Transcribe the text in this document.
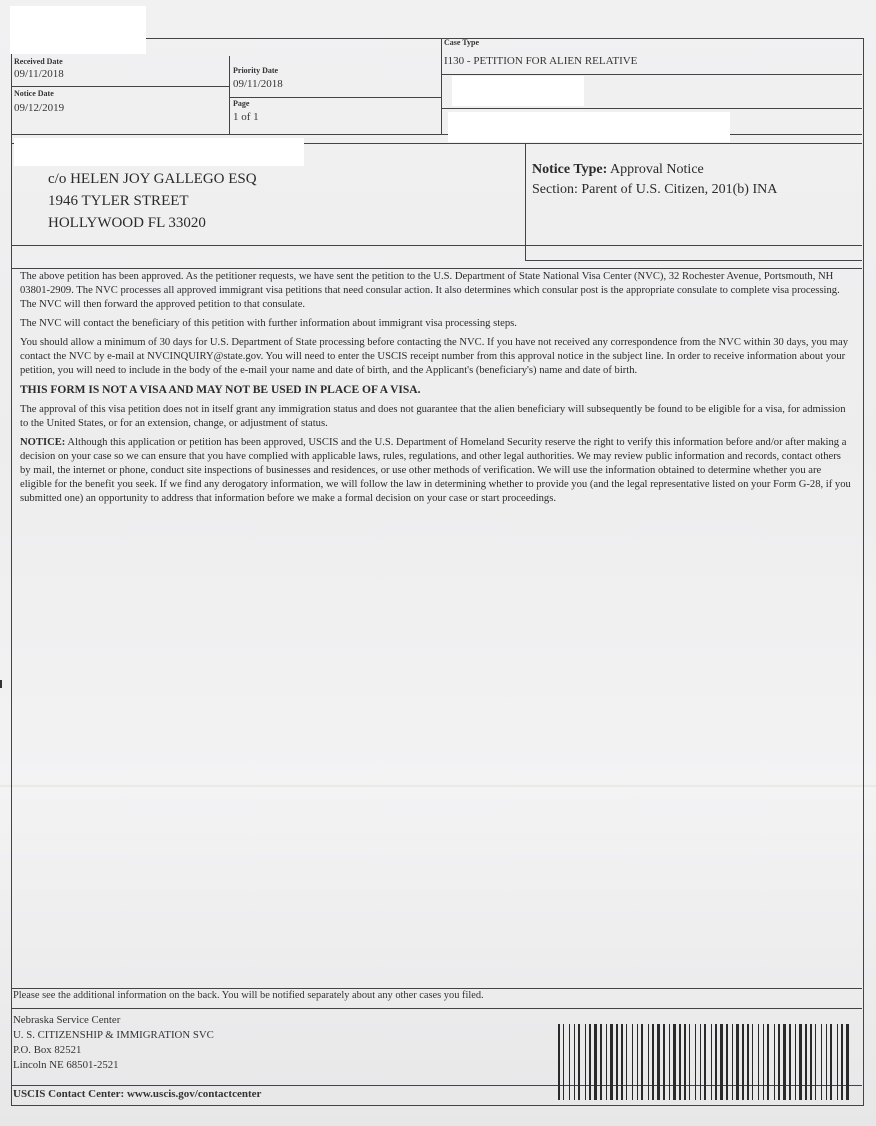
Case Type
I130 - PETITION FOR ALIEN RELATIVE
Received Date
09/11/2018	Priority Date
09/11/2018
Notice Date
09/12/2019	Page
1 of 1
c/o HELEN JOY GALLEGO ESQ
1946 TYLER STREET
HOLLYWOOD FL 33020
Notice Type: Approval Notice
Section: Parent of U.S. Citizen, 201(b) INA

The above petition has been approved. As the petitioner requests, we have sent the petition to the U.S. Department of State National Visa Center (NVC), 32 Rochester Avenue, Portsmouth, NH 03801-2909. The NVC processes all approved immigrant visa petitions that need consular action. It also determines which consular post is the appropriate consulate to complete visa processing. The NVC will then forward the approved petition to that consulate.

The NVC will contact the beneficiary of this petition with further information about immigrant visa processing steps.

You should allow a minimum of 30 days for U.S. Department of State processing before contacting the NVC. If you have not received any correspondence from the NVC within 30 days, you may contact the NVC by e-mail at NVCINQUIRY@state.gov. You will need to enter the USCIS receipt number from this approval notice in the subject line. In order to receive information about your petition, you will need to include in the body of the e-mail your name and date of birth, and the Applicant's (beneficiary's) name and date of birth.

THIS FORM IS NOT A VISA AND MAY NOT BE USED IN PLACE OF A VISA.

The approval of this visa petition does not in itself grant any immigration status and does not guarantee that the alien beneficiary will subsequently be found to be eligible for a visa, for admission to the United States, or for an extension, change, or adjustment of status.

NOTICE: Although this application or petition has been approved, USCIS and the U.S. Department of Homeland Security reserve the right to verify this information before and/or after making a decision on your case so we can ensure that you have complied with applicable laws, rules, regulations, and other legal authorities. We may review public information and records, contact others by mail, the internet or phone, conduct site inspections of businesses and residences, or use other methods of verification. We will use the information obtained to determine whether you are eligible for the benefit you seek. If we find any derogatory information, we will follow the law in determining whether to provide you (and the legal representative listed on your Form G-28, if you submitted one) an opportunity to address that information before we make a formal decision on your case or start proceedings.

Please see the additional information on the back. You will be notified separately about any other cases you filed.
Nebraska Service Center
U. S. CITIZENSHIP & IMMIGRATION SVC
P.O. Box 82521
Lincoln NE 68501-2521
USCIS Contact Center: www.uscis.gov/contactcenter
